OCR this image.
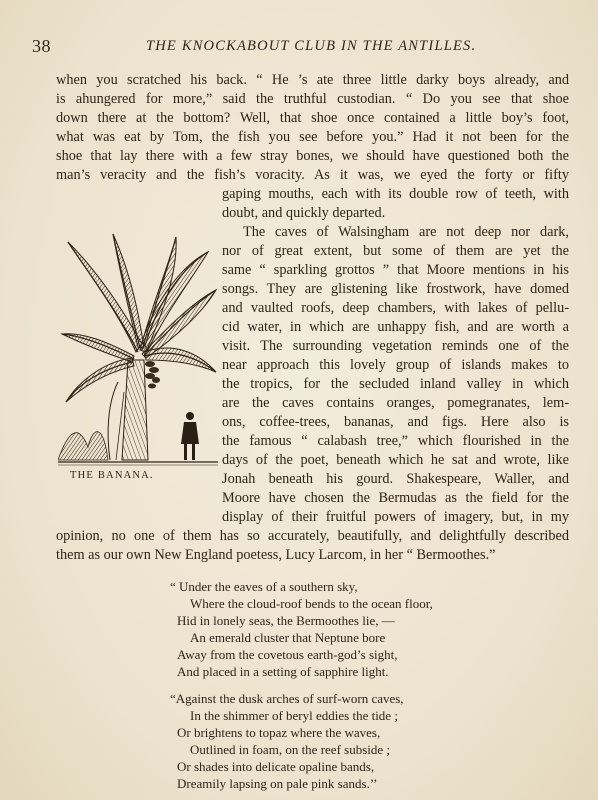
38	THE KNOCKABOUT CLUB IN THE ANTILLES.
when you scratched his back. “ He ’s ate three little darky boys already, and
is ahungered for more,” said the truthful custodian. “ Do you see that shoe
down there at the bottom? Well, that shoe once contained a little boy’s foot,
what was eat by Tom, the fish you see before you.” Had it not been for the
shoe that lay there with a few stray bones, we should have questioned both the
man’s veracity and the fish’s voracity. As it was, we eyed the forty or fifty
gaping mouths, each with its double row of teeth, with
doubt, and quickly departed.
The caves of Walsingham are not deep nor dark,
nor of great extent, but some of them are yet the
same “ sparkling grottos ” that Moore mentions in his
songs. They are glistening like frostwork, have domed
and vaulted roofs, deep chambers, with lakes of pellu-
cid water, in which are unhappy fish, and are worth a
visit. The surrounding vegetation reminds one of the
near approach this lovely group of islands makes to
the tropics, for the secluded inland valley in which
are the caves contains oranges, pomegranates, lem-
ons, coffee-trees, bananas, and figs. Here also is
the famous “ calabash tree,” which flourished in the
days of the poet, beneath which he sat and wrote, like
Jonah beneath his gourd. Shakespeare, Waller, and
Moore have chosen the Bermudas as the field for the
display of their fruitful powers of imagery, but, in my
opinion, no one of them has so accurately, beautifully, and delightfully described
them as our own New England poetess, Lucy Larcom, in her “ Bermoothes.”
THE BANANA.
“ Under the eaves of a southern sky,
Where the cloud-roof bends to the ocean floor,
Hid in lonely seas, the Bermoothes lie, —
An emerald cluster that Neptune bore
Away from the covetous earth-god’s sight,
And placed in a setting of sapphire light.
“Against the dusk arches of surf-worn caves,
In the shimmer of beryl eddies the tide ;
Or brightens to topaz where the waves,
Outlined in foam, on the reef subside ;
Or shades into delicate opaline bands,
Dreamily lapsing on pale pink sands.’’
